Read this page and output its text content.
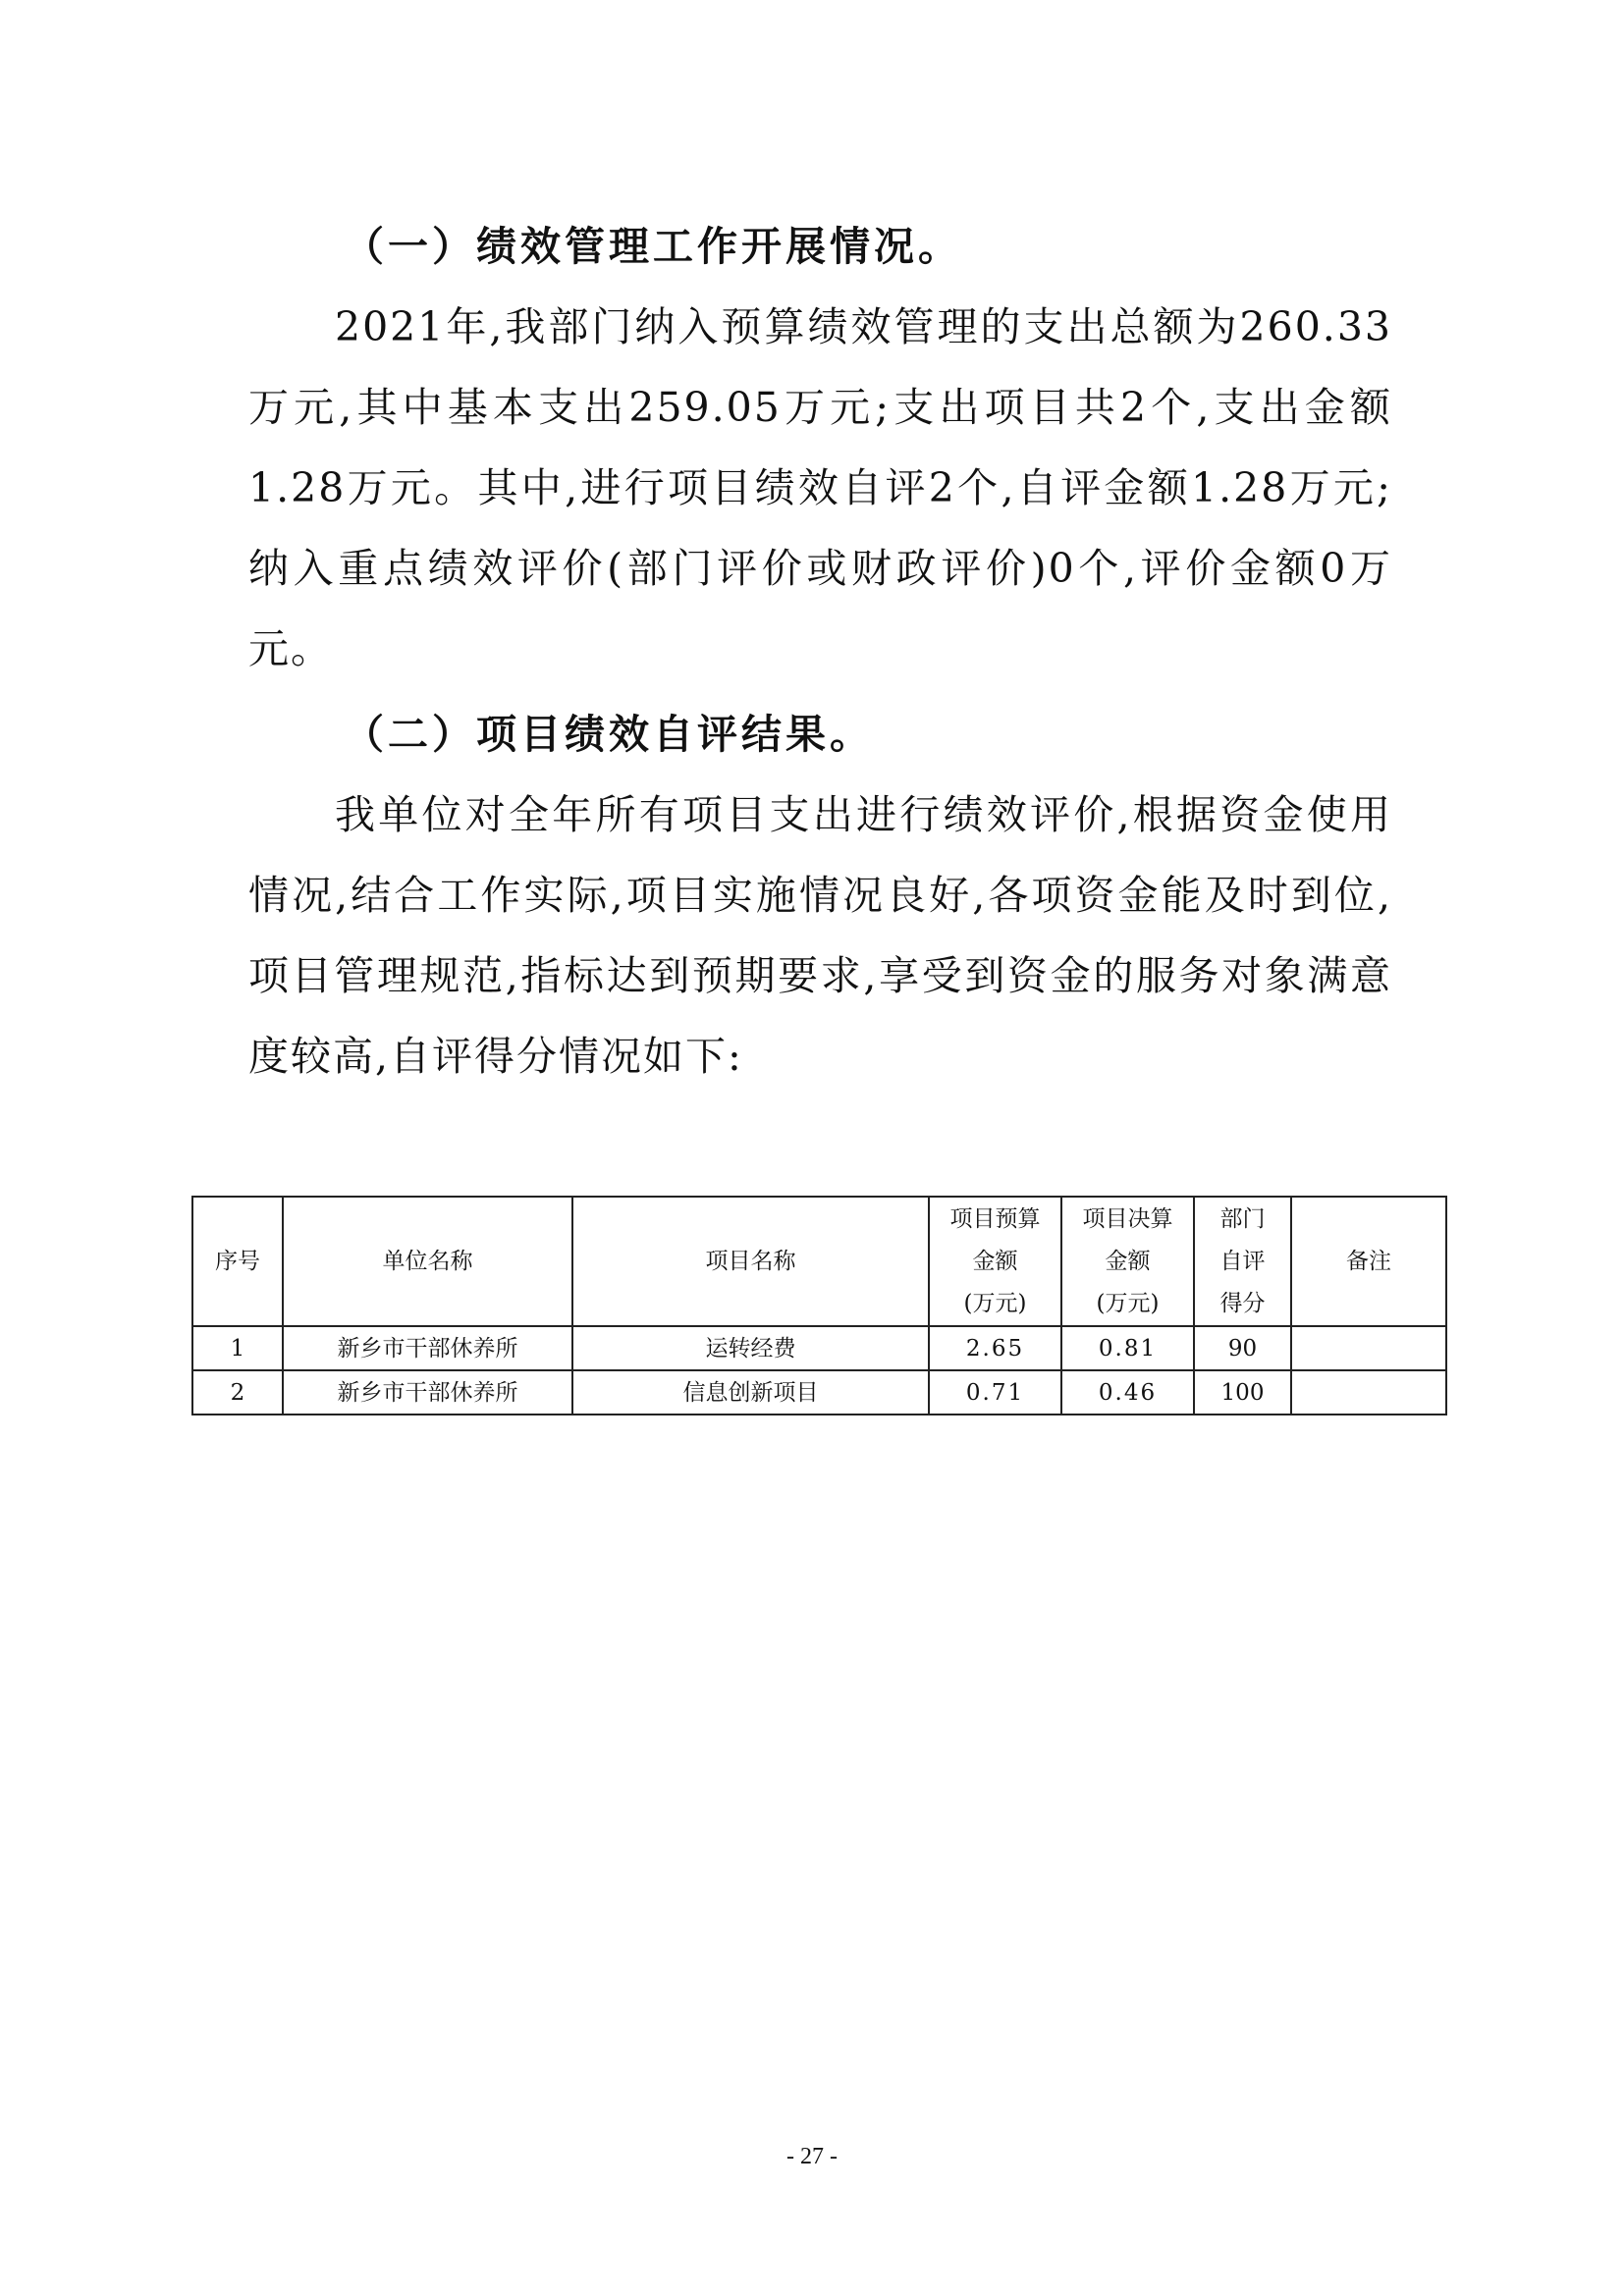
（一）绩效管理工作开展情况。

2021年,我部门纳入预算绩效管理的支出总额为260.33万元,其中基本支出259.05万元;支出项目共2个,支出金额1.28万元。其中,进行项目绩效自评2个,自评金额1.28万元;纳入重点绩效评价(部门评价或财政评价)0个,评价金额0万元。

（二）项目绩效自评结果。

我单位对全年所有项目支出进行绩效评价,根据资金使用情况,结合工作实际,项目实施情况良好,各项资金能及时到位,项目管理规范,指标达到预期要求,享受到资金的服务对象满意度较高,自评得分情况如下:

序号	单位名称	项目名称	项目预算
金额
(万元)	项目决算
金额
(万元)	部门
自评
得分	备注
1	新乡市干部休养所	运转经费	2.65	0.81	90	
2	新乡市干部休养所	信息创新项目	0.71	0.46	100	
- 27 -
